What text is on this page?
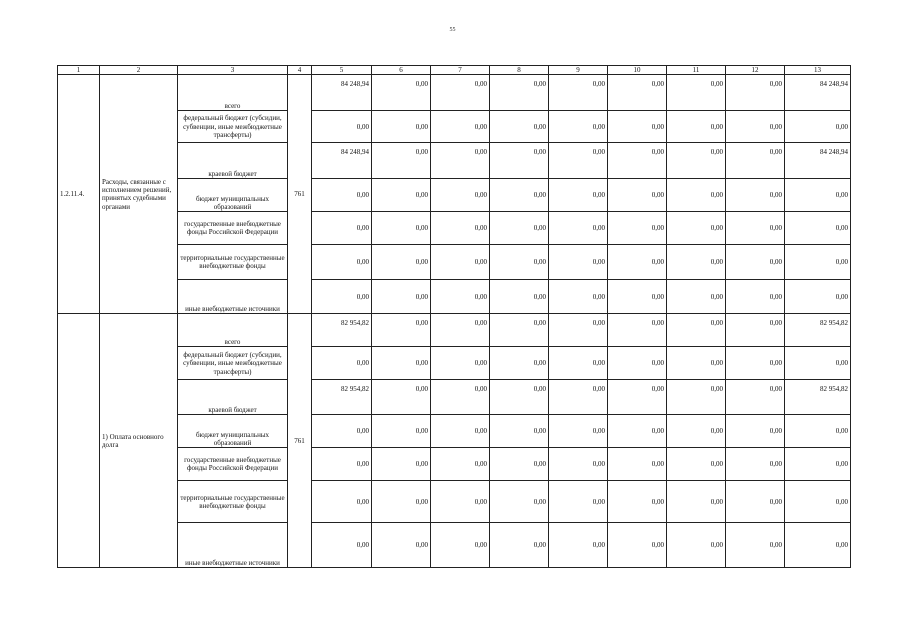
55
1	2	3	4	5	6	7	8	9	10	11	12	13
1.2.11.4.	Расходы, связанные с исполнением решений, принятых судебными органами	всего	761	84 248,94	0,00	0,00	0,00	0,00	0,00	0,00	0,00	84 248,94
		федеральный бюджет (субсидии, субвенции, иные межбюджетные трансферты)		0,00	0,00	0,00	0,00	0,00	0,00	0,00	0,00	0,00
		краевой бюджет		84 248,94	0,00	0,00	0,00	0,00	0,00	0,00	0,00	84 248,94
		бюджет муниципальных образований		0,00	0,00	0,00	0,00	0,00	0,00	0,00	0,00	0,00
		государственные внебюджетные фонды Российской Федерации		0,00	0,00	0,00	0,00	0,00	0,00	0,00	0,00	0,00
		территориальные государственные внебюджетные фонды		0,00	0,00	0,00	0,00	0,00	0,00	0,00	0,00	0,00
		иные внебюджетные источники		0,00	0,00	0,00	0,00	0,00	0,00	0,00	0,00	0,00
	1) Оплата основного долга	всего	761	82 954,82	0,00	0,00	0,00	0,00	0,00	0,00	0,00	82 954,82
		федеральный бюджет (субсидии, субвенции, иные межбюджетные трансферты)		0,00	0,00	0,00	0,00	0,00	0,00	0,00	0,00	0,00
		краевой бюджет		82 954,82	0,00	0,00	0,00	0,00	0,00	0,00	0,00	82 954,82
		бюджет муниципальных образований		0,00	0,00	0,00	0,00	0,00	0,00	0,00	0,00	0,00
		государственные внебюджетные фонды Российской Федерации		0,00	0,00	0,00	0,00	0,00	0,00	0,00	0,00	0,00
		территориальные государственные внебюджетные фонды		0,00	0,00	0,00	0,00	0,00	0,00	0,00	0,00	0,00
		иные внебюджетные источники		0,00	0,00	0,00	0,00	0,00	0,00	0,00	0,00	0,00
